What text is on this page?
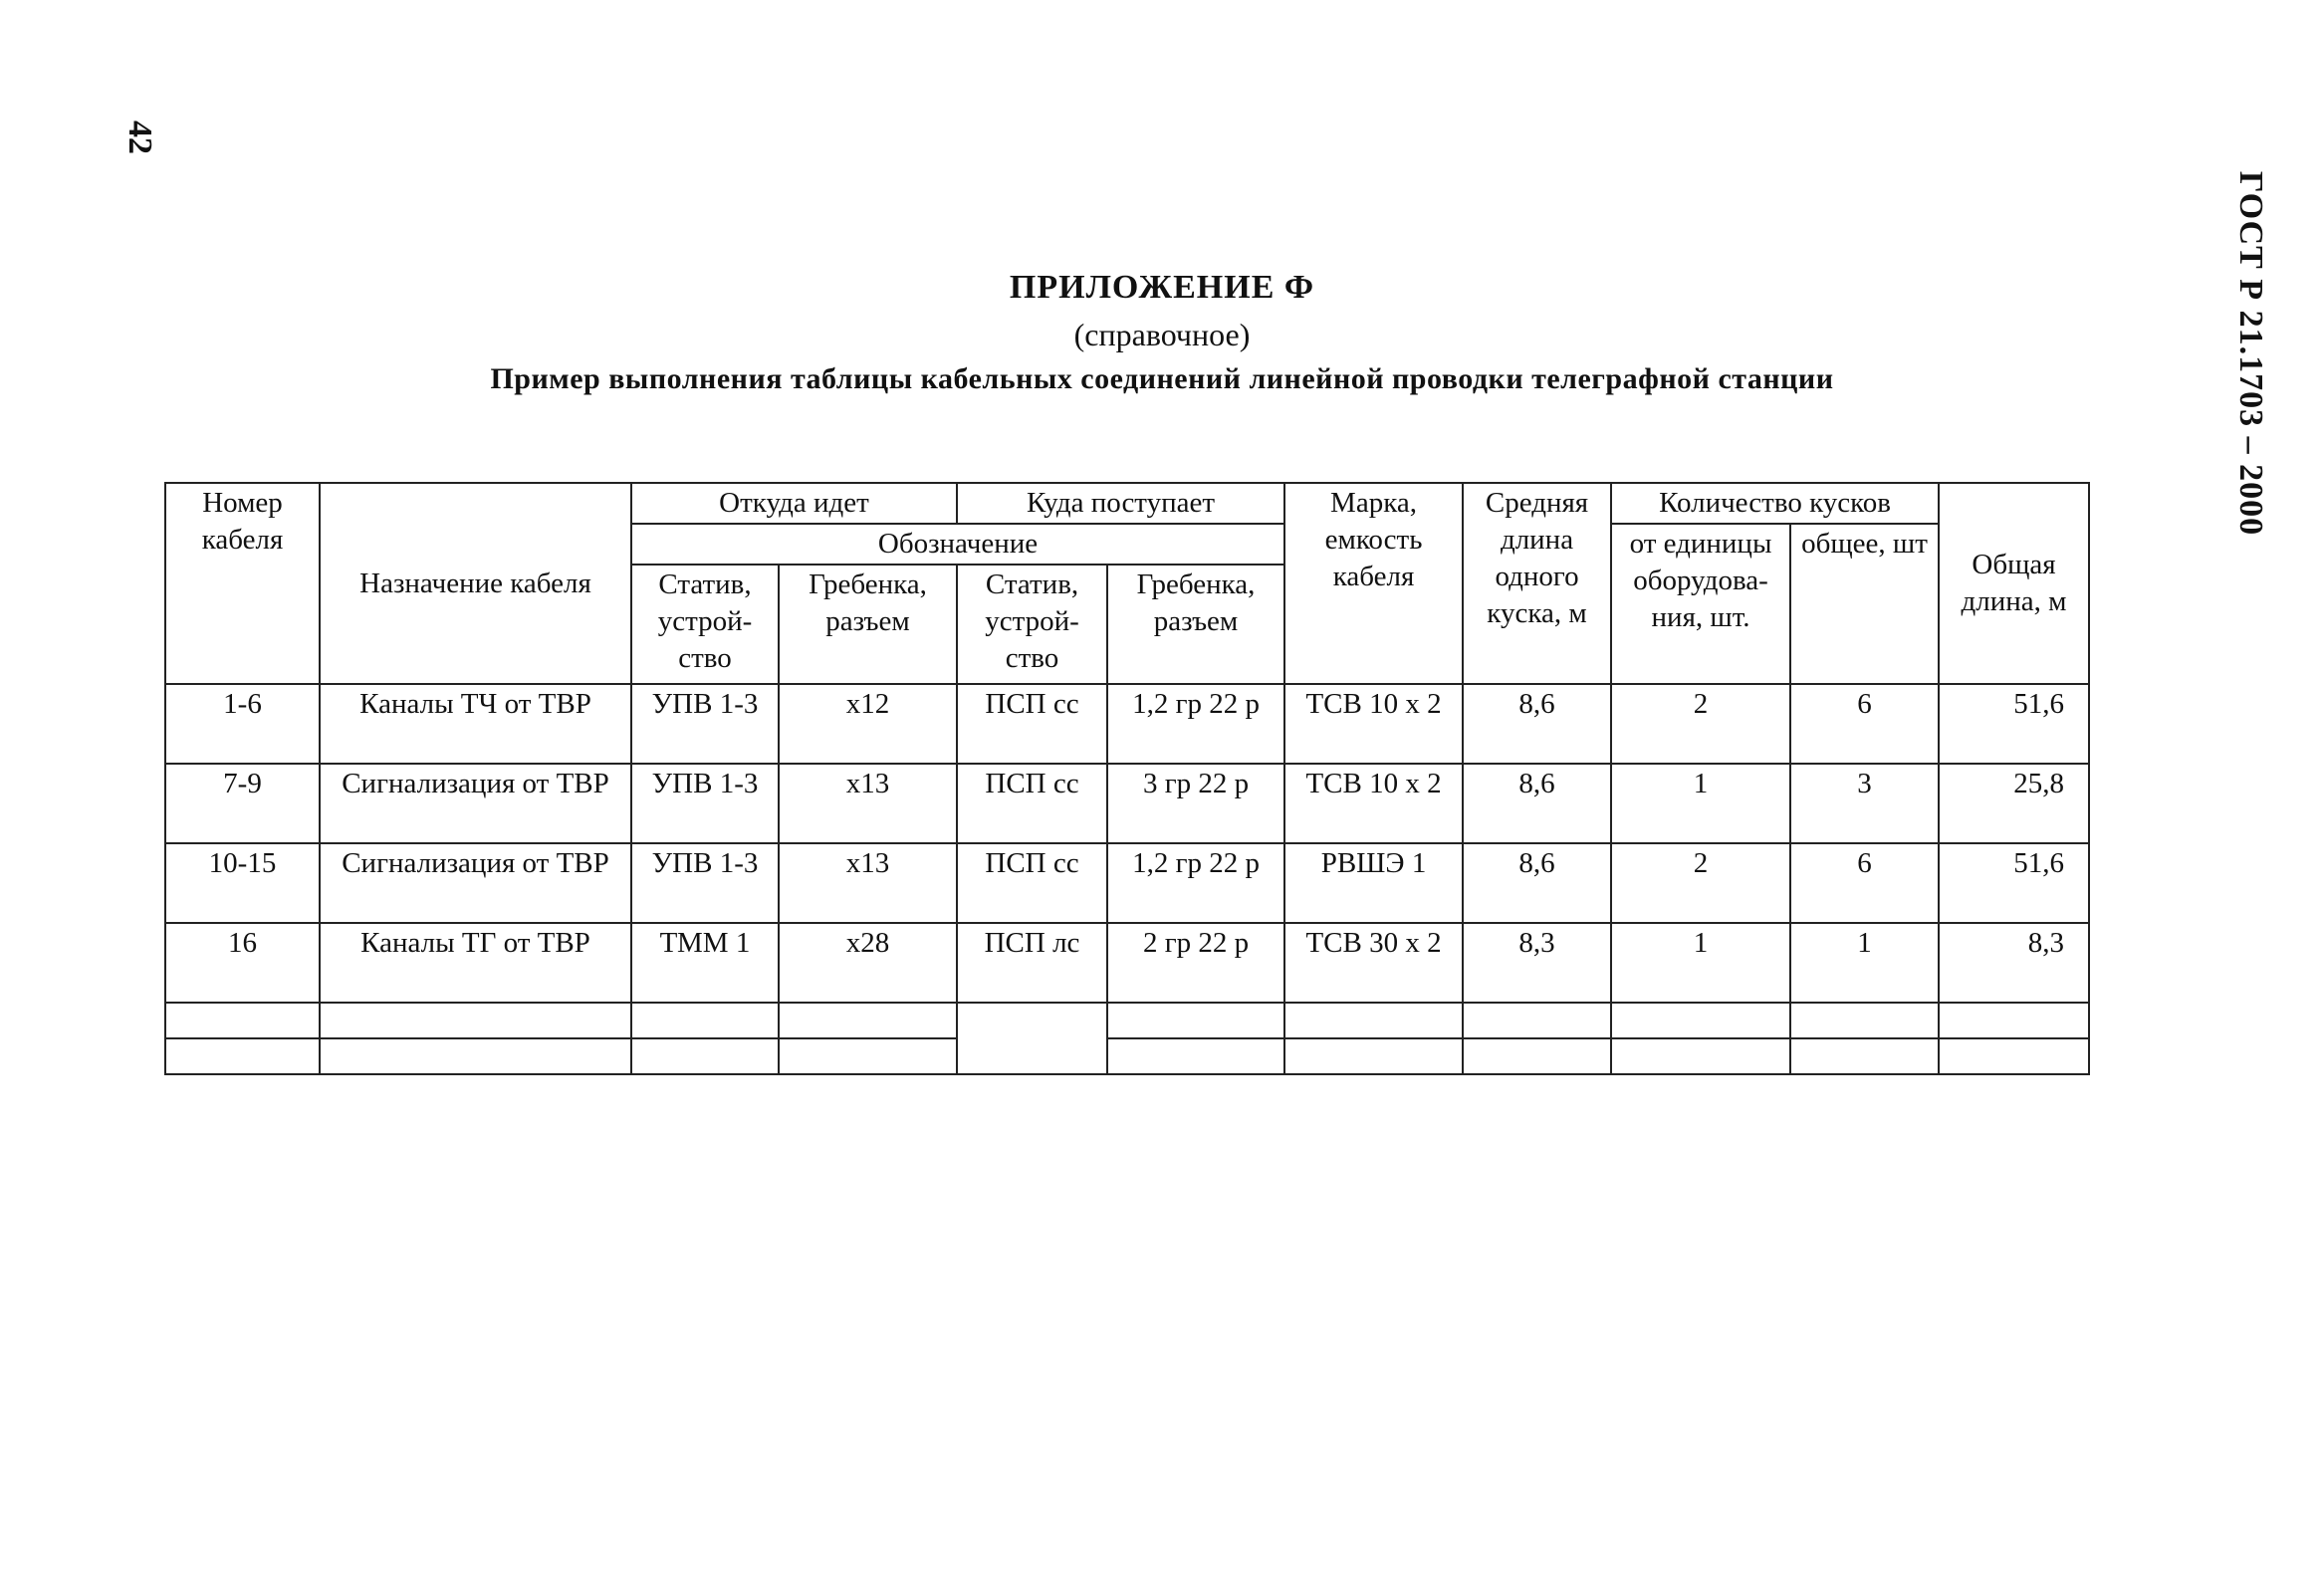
42
ГОСТ Р 21.1703 – 2000
ПРИЛОЖЕНИЕ Ф
(справочное)
Пример выполнения таблицы кабельных соединений линейной проводки телеграфной станции
Номер кабеля	Назначение кабеля	Откуда идет		Куда поступает		Марка, емкость кабеля	Средняя длина одного куска, м	Количество кусков		Общая длина, м
		Обозначение						от единицы оборудова-ния, шт.	общее, шт	
		Статив, устрой-ство	Гребенка, разъем	Статив, устрой-ство	Гребенка, разъем					
1-6	Каналы ТЧ от ТВР	УПВ 1-3	х12	ПСП сс	1,2 гр 22 р	ТСВ 10 х 2	8,6	2	6	51,6
7-9	Сигнализация от ТВР	УПВ 1-3	х13	ПСП сс	3 гр 22 р	ТСВ 10 х 2	8,6	1	3	25,8
10-15	Сигнализация от ТВР	УПВ 1-3	х13	ПСП сс	1,2 гр 22 р	РВШЭ 1	8,6	2	6	51,6
16	Каналы ТГ от ТВР	ТММ 1	х28	ПСП лс	2 гр 22 р	ТСВ 30 х 2	8,3	1	1	8,3
